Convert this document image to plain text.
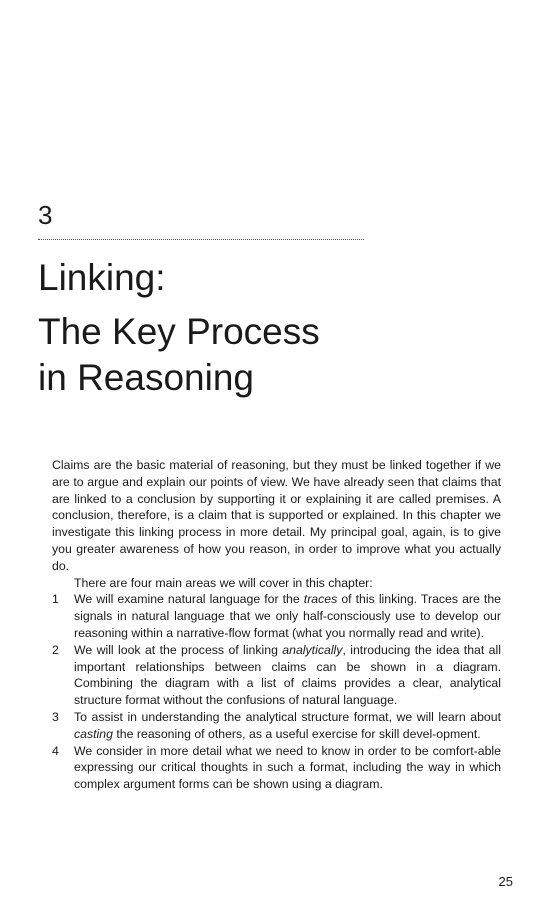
3
Linking:
The Key Process
in Reasoning

Claims are the basic material of reasoning, but they must be linked together if we are to argue and explain our points of view. We have already seen that claims that are linked to a conclusion by supporting it or explaining it are called premises. A conclusion, therefore, is a claim that is supported or explained. In this chapter we investigate this linking process in more detail. My principal goal, again, is to give you greater awareness of how you reason, in order to improve what you actually do.

There are four main areas we will cover in this chapter:

1 We will examine natural language for the traces of this linking. Traces are the signals in natural language that we only half-consciously use to develop our reasoning within a narrative-flow format (what you normally read and write).
2 We will look at the process of linking analytically, introducing the idea that all important relationships between claims can be shown in a diagram. Combining the diagram with a list of claims provides a clear, analytical structure format without the confusions of natural language.
3 To assist in understanding the analytical structure format, we will learn about casting the reasoning of others, as a useful exercise for skill devel-opment.
4 We consider in more detail what we need to know in order to be comfort-able expressing our critical thoughts in such a format, including the way in which complex argument forms can be shown using a diagram.
25
